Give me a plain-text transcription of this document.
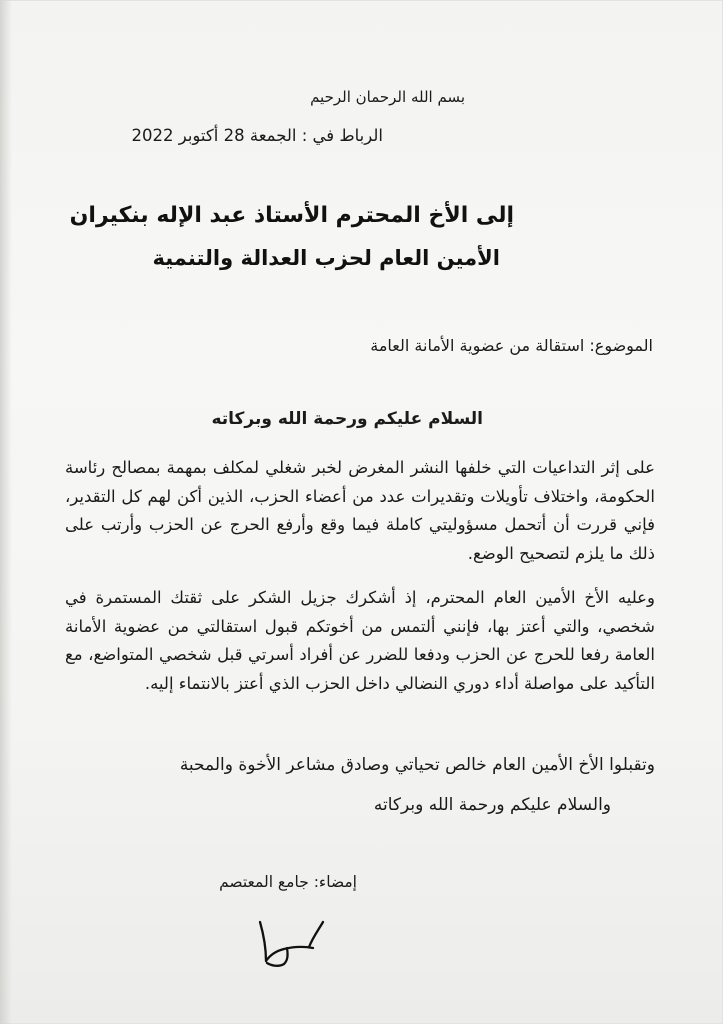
بسم الله الرحمان الرحيم
الرباط في : الجمعة 28 أكتوبر 2022
إلى الأخ المحترم الأستاذ عبد الإله بنكيران
الأمين العام لحزب العدالة والتنمية
الموضوع: استقالة من عضوية الأمانة العامة
السلام عليكم ورحمة الله وبركاته
على إثر التداعيات التي خلفها النشر المغرض لخبر شغلي لمكلف بمهمة بمصالح رئاسة الحكومة، واختلاف تأويلات وتقديرات عدد من أعضاء الحزب، الذين أكن لهم كل التقدير، فإني قررت أن أتحمل مسؤوليتي كاملة فيما وقع وأرفع الحرج عن الحزب وأرتب على ذلك ما يلزم لتصحيح الوضع.
وعليه الأخ الأمين العام المحترم، إذ أشكرك جزيل الشكر على ثقتك المستمرة في شخصي، والتي أعتز بها، فإنني ألتمس من أخوتكم قبول استقالتي من عضوية الأمانة العامة رفعا للحرج عن الحزب ودفعا للضرر عن أفراد أسرتي قبل شخصي المتواضع، مع التأكيد على مواصلة أداء دوري النضالي داخل الحزب الذي أعتز بالانتماء إليه.
وتقبلوا الأخ الأمين العام خالص تحياتي وصادق مشاعر الأخوة والمحبة
والسلام عليكم ورحمة الله وبركاته
إمضاء: جامع المعتصم
